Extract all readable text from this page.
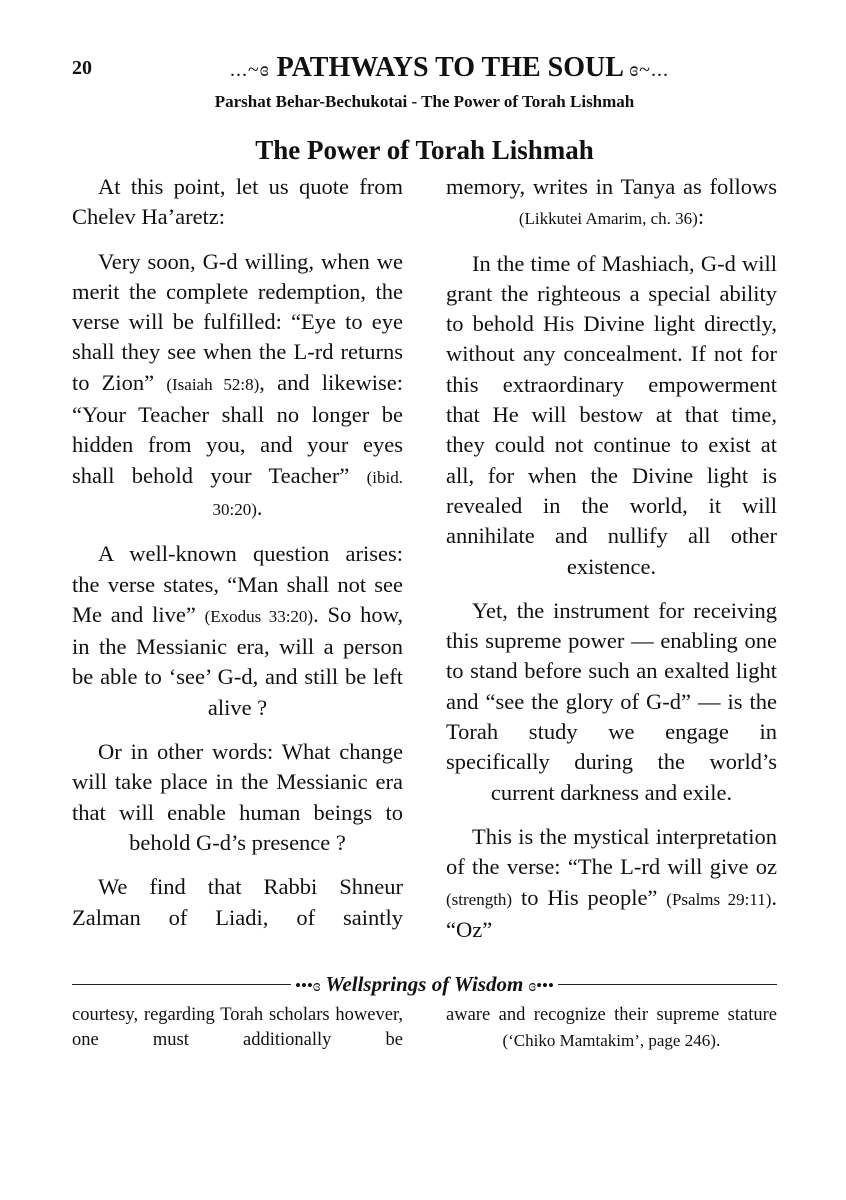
20	...~ɞ PATHWAYS TO THE SOUL ɞ~...
Parshat Behar-Bechukotai - The Power of Torah Lishmah
The Power of Torah Lishmah

At this point, let us quote from Chelev Ha’aretz:

Very soon, G-d willing, when we merit the complete redemption, the verse will be fulfilled: “Eye to eye shall they see when the L-rd returns to Zion” (Isaiah 52:8), and likewise: “Your Teacher shall no longer be hidden from you, and your eyes shall behold your Teacher” (ibid. 30:20).

A well-known question arises: the verse states, “Man shall not see Me and live” (Exodus 33:20). So how, in the Messianic era, will a person be able to ‘see’ G-d, and still be left alive ?

Or in other words: What change will take place in the Messianic era that will enable human beings to behold G-d’s presence ?

We find that Rabbi Shneur Zalman of Liadi, of saintly

memory, writes in Tanya as follows (Likkutei Amarim, ch. 36):

In the time of Mashiach, G-d will grant the righteous a special ability to behold His Divine light directly, without any concealment. If not for this extraordinary empowerment that He will bestow at that time, they could not continue to exist at all, for when the Divine light is revealed in the world, it will annihilate and nullify all other existence.

Yet, the instrument for receiving this supreme power — enabling one to stand before such an exalted light and “see the glory of G-d” — is the Torah study we engage in specifically during the world’s current darkness and exile.

This is the mystical interpretation of the verse: “The L-rd will give oz (strength) to His people” (Psalms 29:11). “Oz”

•••ɞ Wellsprings of Wisdom ɞ•••

courtesy, regarding Torah scholars however, one must additionally be

aware and recognize their supreme stature (‘Chiko Mamtakim’, page 246).
